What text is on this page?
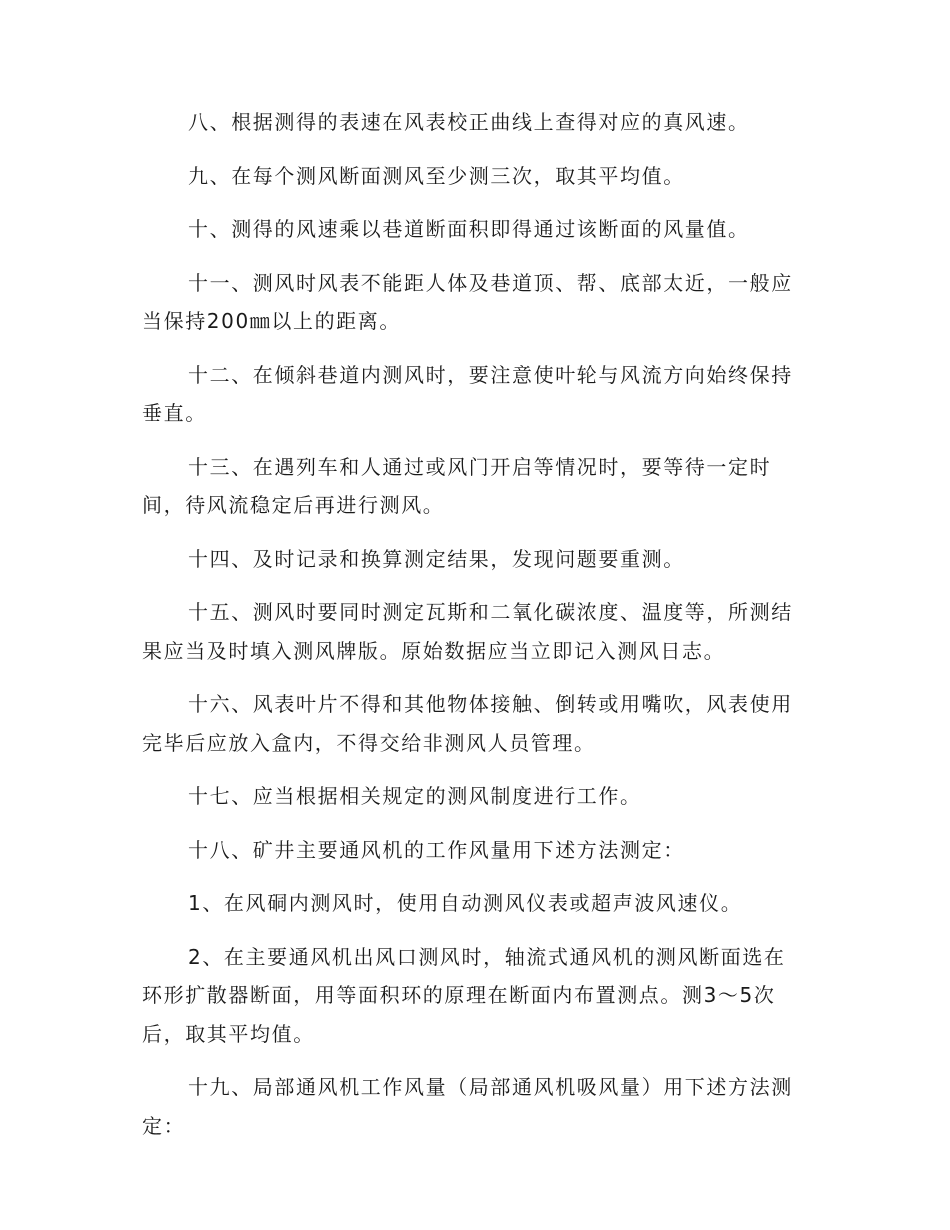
八、根据测得的表速在风表校正曲线上查得对应的真风速。

九、在每个测风断面测风至少测三次，取其平均值。

十、测得的风速乘以巷道断面积即得通过该断面的风量值。

十一、测风时风表不能距人体及巷道顶、帮、底部太近，一般应当保持200㎜以上的距离。

十二、在倾斜巷道内测风时，要注意使叶轮与风流方向始终保持垂直。

十三、在遇列车和人通过或风门开启等情况时，要等待一定时间，待风流稳定后再进行测风。

十四、及时记录和换算测定结果，发现问题要重测。

十五、测风时要同时测定瓦斯和二氧化碳浓度、温度等，所测结果应当及时填入测风牌版。原始数据应当立即记入测风日志。

十六、风表叶片不得和其他物体接触、倒转或用嘴吹，风表使用完毕后应放入盒内，不得交给非测风人员管理。

十七、应当根据相关规定的测风制度进行工作。

十八、矿井主要通风机的工作风量用下述方法测定：

1、在风硐内测风时，使用自动测风仪表或超声波风速仪。

2、在主要通风机出风口测风时，轴流式通风机的测风断面选在环形扩散器断面，用等面积环的原理在断面内布置测点。测3～5次后，取其平均值。

十九、局部通风机工作风量（局部通风机吸风量）用下述方法测定：
